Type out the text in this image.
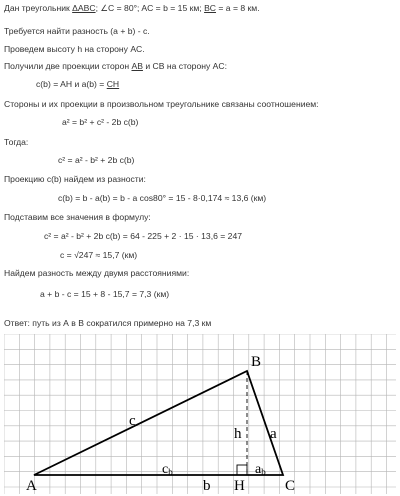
Дан треугольник ΔABC; ∠C = 80°; AC = b = 15 км; BC = a = 8 км.
Требуется найти разность (a + b) - c.
Проведем высоту h на сторону AC.
Получили две проекции сторон AB и CB на сторону AC:
c(b) = AH и a(b) = CH
Стороны и их проекции в произвольном треугольнике связаны соотношением:
a² = b² + c² - 2b c(b)
Тогда:
c² = a² - b² + 2b c(b)
Проекцию c(b) найдем из разности:
c(b) = b - a(b) = b - a cos80° = 15 - 8·0,174 ≈ 13,6 (км)
Подставим все значения в формулу:
c² = a² - b² + 2b c(b) = 64 - 225 + 2 · 15 · 13,6 = 247
c = √247 ≈ 15,7 (км)
Найдем разность между двумя расстояниями:
a + b - c = 15 + 8 - 15,7 = 7,3 (км)
Ответ: путь из А в В сократился примерно на 7,3 км
A
B
C
H
c
a
b
h
cb	ab
